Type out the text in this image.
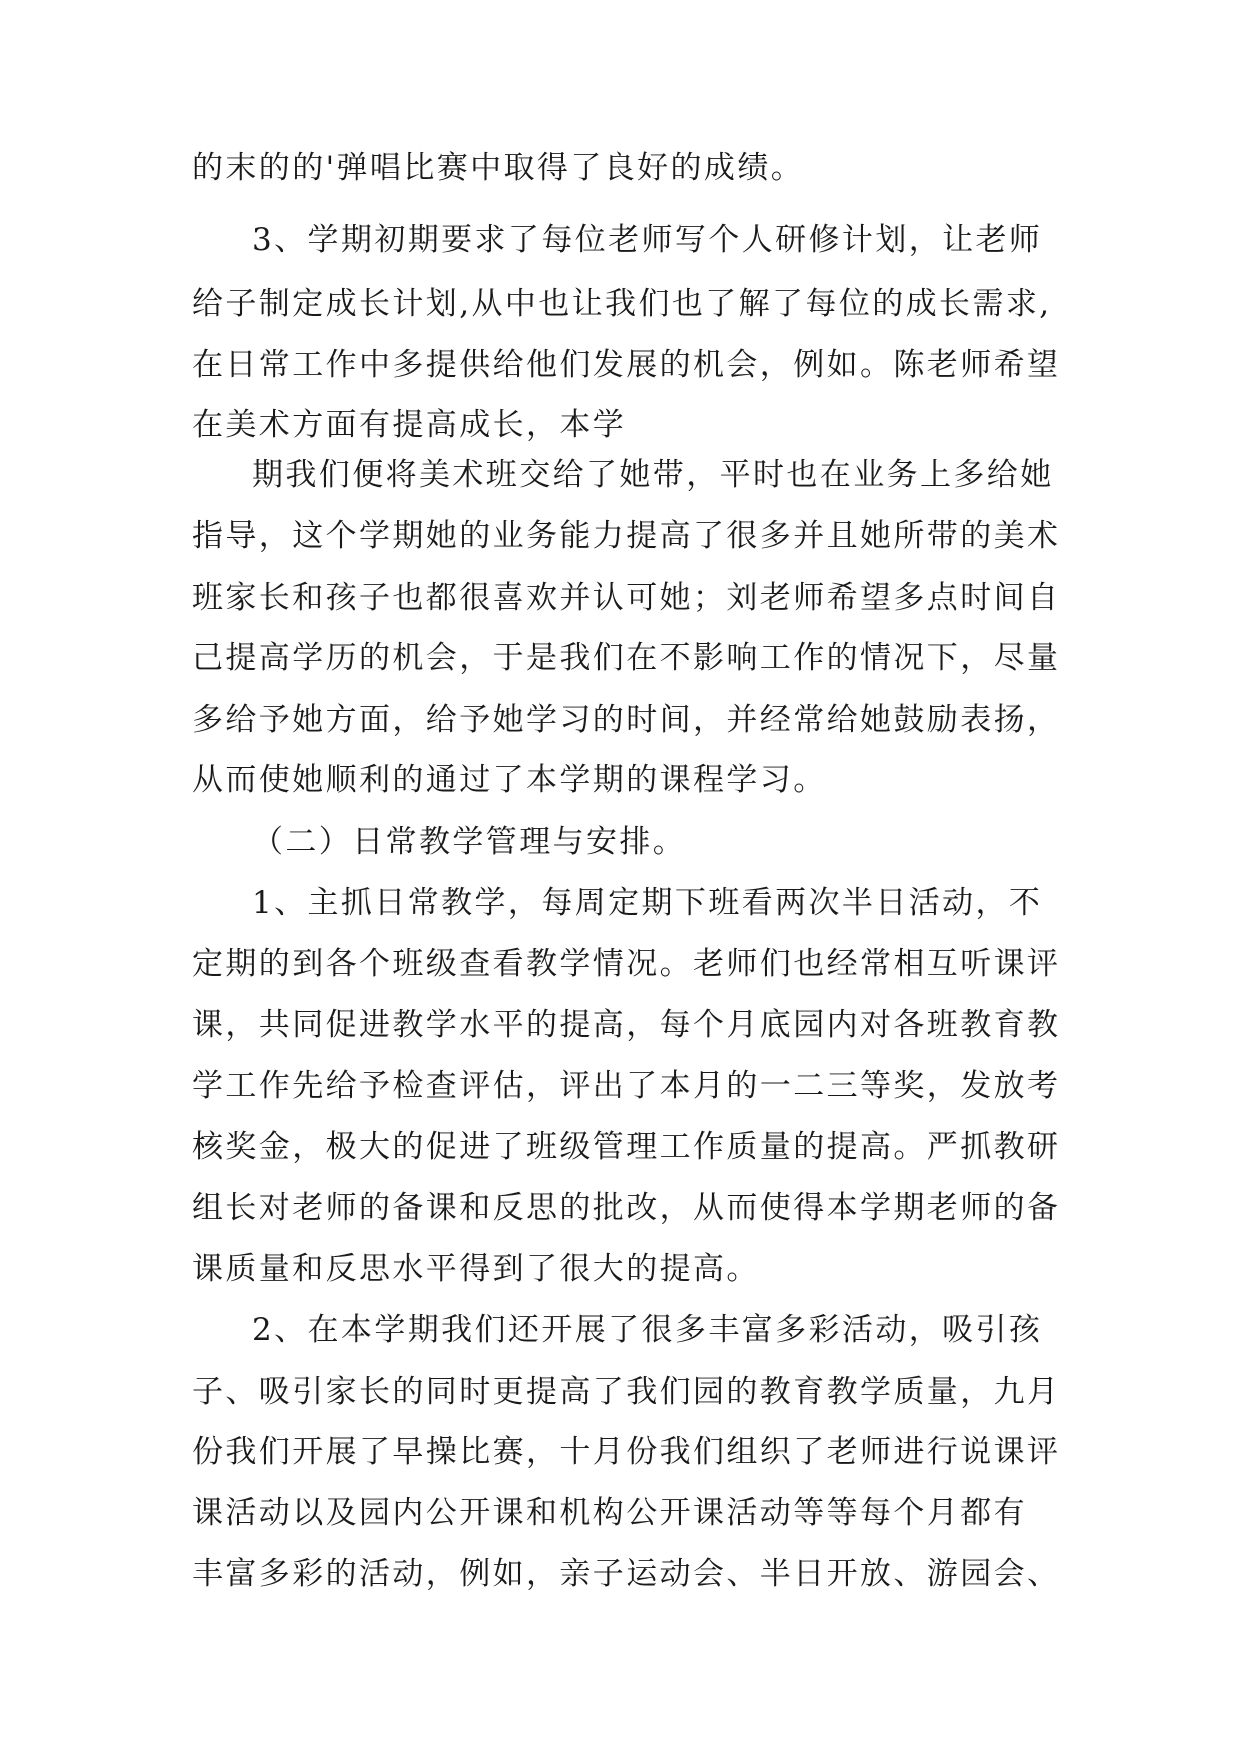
的末的的'弹唱比赛中取得了良好的成绩。
3、学期初期要求了每位老师写个人研修计划，让老师
给子制定成长计划,从中也让我们也了解了每位的成长需求,
在日常工作中多提供给他们发展的机会，例如。陈老师希望
在美术方面有提高成长，本学
期我们便将美术班交给了她带，平时也在业务上多给她
指导，这个学期她的业务能力提高了很多并且她所带的美术
班家长和孩子也都很喜欢并认可她；刘老师希望多点时间自
己提高学历的机会，于是我们在不影响工作的情况下，尽量
多给予她方面，给予她学习的时间，并经常给她鼓励表扬，
从而使她顺利的通过了本学期的课程学习。
（二）日常教学管理与安排。
1、主抓日常教学，每周定期下班看两次半日活动，不
定期的到各个班级查看教学情况。老师们也经常相互听课评
课，共同促进教学水平的提高，每个月底园内对各班教育教
学工作先给予检查评估，评出了本月的一二三等奖，发放考
核奖金，极大的促进了班级管理工作质量的提高。严抓教研
组长对老师的备课和反思的批改，从而使得本学期老师的备
课质量和反思水平得到了很大的提高。
2、在本学期我们还开展了很多丰富多彩活动，吸引孩
子、吸引家长的同时更提高了我们园的教育教学质量，九月
份我们开展了早操比赛，十月份我们组织了老师进行说课评
课活动以及园内公开课和机构公开课活动等等每个月都有
丰富多彩的活动，例如，亲子运动会、半日开放、游园会、
